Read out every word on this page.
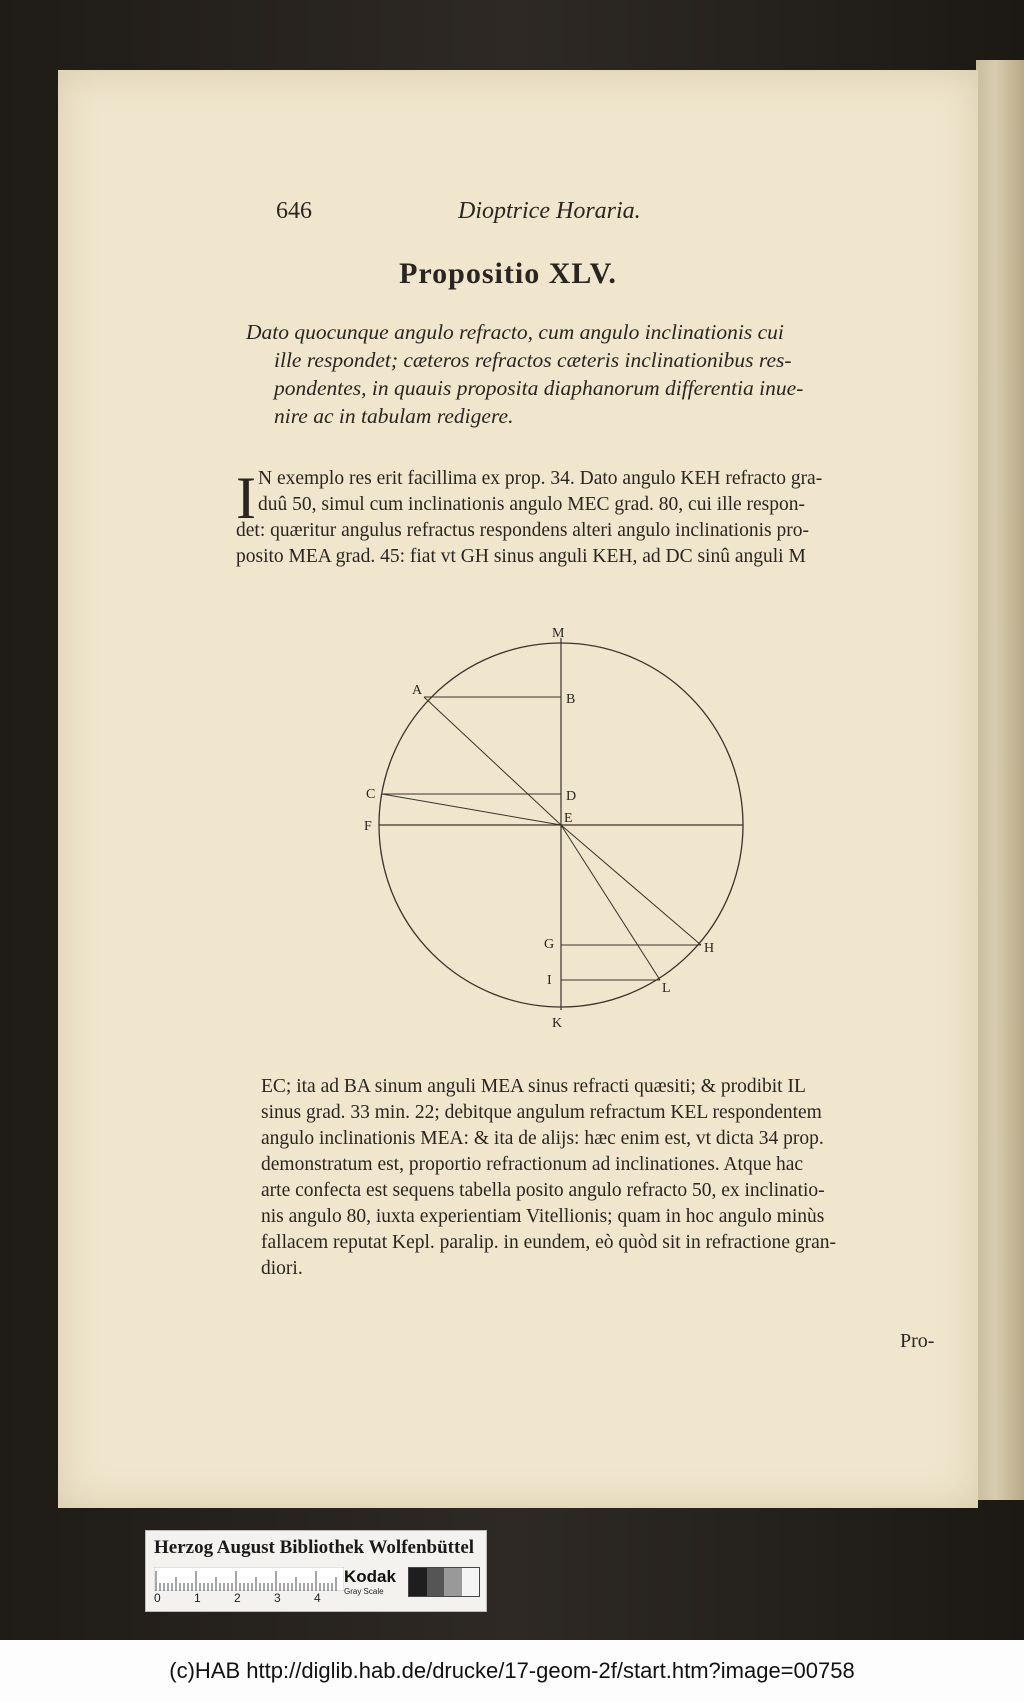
646	Dioptrice Horaria.
Propositio XLV.
Dato quocunque angulo refracto, cum angulo inclinationis cui
ille respondet; cæteros refractos cæteris inclinationibus res-
pondentes, in quauis proposita diaphanorum differentia inue-
nire ac in tabulam redigere.
I N exemplo res erit facillima ex prop. 34. Dato angulo KEH refracto gra-
duû 50, simul cum inclinationis angulo MEC grad. 80, cui ille respon-
det: quæritur angulus refractus respondens alteri angulo inclinationis pro-
posito MEA grad. 45: fiat vt GH sinus anguli KEH, ad DC sinû anguli M
M
B
A
C	D
E
F
G	H
I
L
K
EC; ita ad BA sinum anguli MEA sinus refracti quæsiti; & prodibit IL
sinus grad. 33 min. 22; debitque angulum refractum KEL respondentem
angulo inclinationis MEA: & ita de alijs: hæc enim est, vt dicta 34 prop.
demonstratum est, proportio refractionum ad inclinationes. Atque hac
arte confecta est sequens tabella posito angulo refracto 50, ex inclinatio-
nis angulo 80, iuxta experientiam Vitellionis; quam in hoc angulo minùs
fallacem reputat Kepl. paralip. in eundem, eò quòd sit in refractione gran-
diori.
Pro-
Herzog August Bibliothek Wolfenbüttel
0	1	2	3	4
Kodak
Gray Scale
(c)HAB http://diglib.hab.de/drucke/17-geom-2f/start.htm?image=00758
